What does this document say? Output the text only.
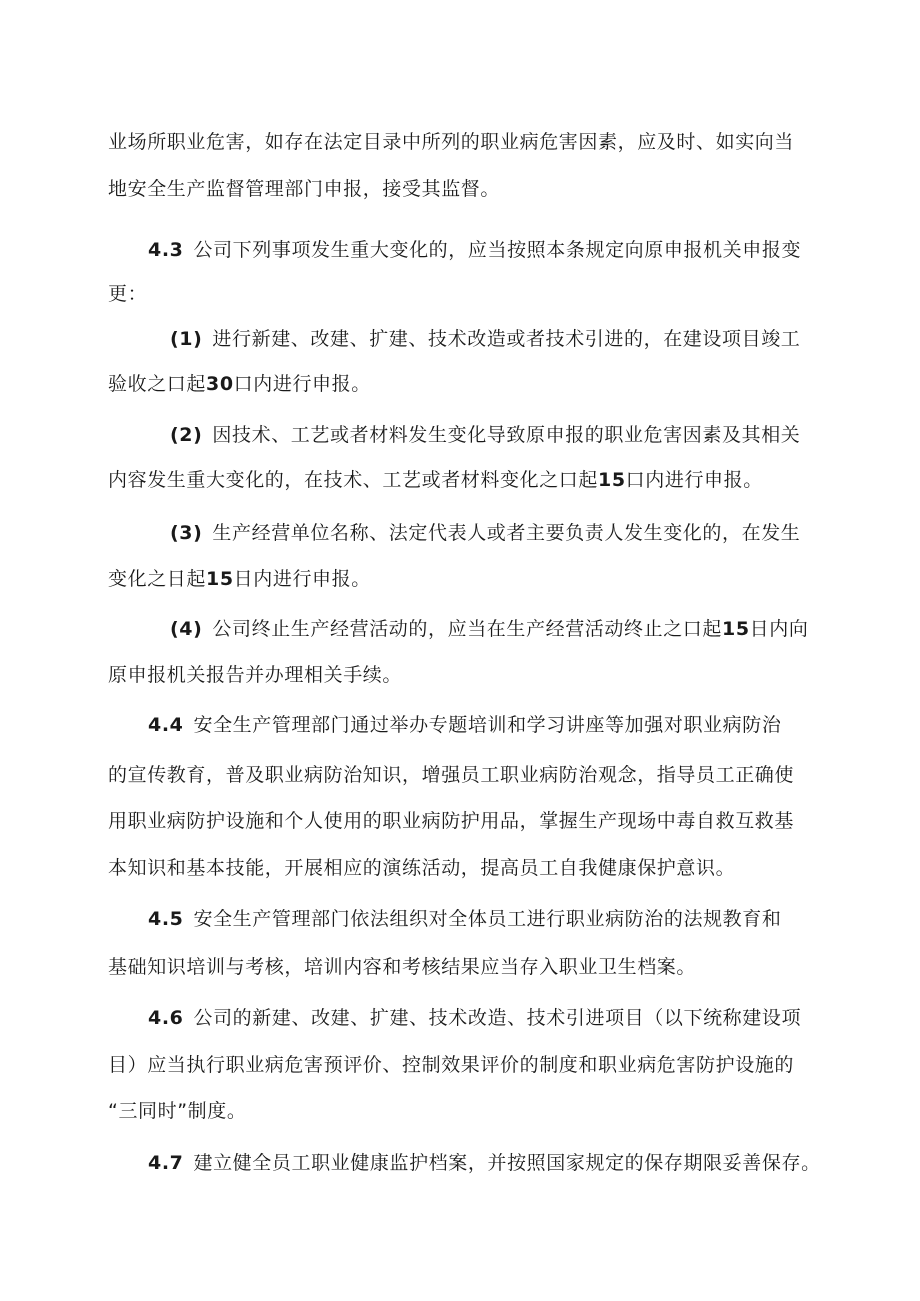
业场所职业危害，如存在法定目录中所列的职业病危害因素，应及时、如实向当
地安全生产监督管理部门申报，接受其监督。
4.3 公司下列事项发生重大变化的，应当按照本条规定向原申报机关申报变
更：
(1) 进行新建、改建、扩建、技术改造或者技术引进的，在建设项目竣工
验收之口起30口内进行申报。
(2) 因技术、工艺或者材料发生变化导致原申报的职业危害因素及其相关
内容发生重大变化的，在技术、工艺或者材料变化之口起15口内进行申报。
(3) 生产经营单位名称、法定代表人或者主要负责人发生变化的，在发生
变化之日起15日内进行申报。
(4) 公司终止生产经营活动的，应当在生产经营活动终止之口起15日内向
原申报机关报告并办理相关手续。
4.4 安全生产管理部门通过举办专题培训和学习讲座等加强对职业病防治
的宣传教育，普及职业病防治知识，增强员工职业病防治观念，指导员工正确使
用职业病防护设施和个人使用的职业病防护用品，掌握生产现场中毒自救互救基
本知识和基本技能，开展相应的演练活动，提高员工自我健康保护意识。
4.5 安全生产管理部门依法组织对全体员工进行职业病防治的法规教育和
基础知识培训与考核，培训内容和考核结果应当存入职业卫生档案。
4.6 公司的新建、改建、扩建、技术改造、技术引进项目（以下统称建设项
目）应当执行职业病危害预评价、控制效果评价的制度和职业病危害防护设施的
“三同时”制度。
4.7 建立健全员工职业健康监护档案，并按照国家规定的保存期限妥善保存。
